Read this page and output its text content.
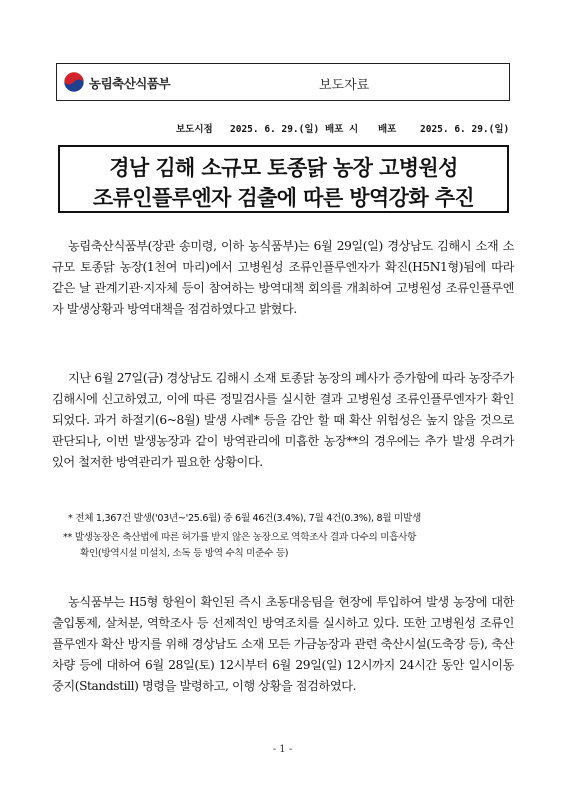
농림축산식품부	보도자료
보도시점 2025. 6. 29.(일) 배포 시 배포 2025. 6. 29.(일)
경남 김해 소규모 토종닭 농장 고병원성
조류인플루엔자 검출에 따른 방역강화 추진
농림축산식품부(장관 송미령, 이하 농식품부)는 6월 29일(일) 경상남도 김해시 소재 소규모 토종닭 농장(1천여 마리)에서 고병원성 조류인플루엔자가 확진(H5N1형)됨에 따라 같은 날 관계기관·지자체 등이 참여하는 방역대책 회의를 개최하여 고병원성 조류인플루엔자 발생상황과 방역대책을 점검하였다고 밝혔다.
지난 6월 27일(금) 경상남도 김해시 소재 토종닭 농장의 폐사가 증가함에 따라 농장주가 김해시에 신고하였고, 이에 따른 정밀검사를 실시한 결과 고병원성 조류인플루엔자가 확인되었다. 과거 하절기(6~8월) 발생 사례* 등을 감안 할 때 확산 위험성은 높지 않을 것으로 판단되나, 이번 발생농장과 같이 방역관리에 미흡한 농장**의 경우에는 추가 발생 우려가 있어 철저한 방역관리가 필요한 상황이다.
* 전체 1,367건 발생('03년~'25.6월) 중 6월 46건(3.4%), 7월 4건(0.3%), 8월 미발생
** 발생농장은 축산법에 따른 허가를 받지 않은 농장으로 역학조사 결과 다수의 미흡사항
확인(방역시설 미설치, 소독 등 방역 수칙 미준수 등)
농식품부는 H5형 항원이 확인된 즉시 초동대응팀을 현장에 투입하여 발생 농장에 대한 출입통제, 살처분, 역학조사 등 선제적인 방역조치를 실시하고 있다. 또한 고병원성 조류인플루엔자 확산 방지를 위해 경상남도 소재 모든 가금농장과 관련 축산시설(도축장 등), 축산차량 등에 대하여 6월 28일(토) 12시부터 6월 29일(일) 12시까지 24시간 동안 일시이동중지(Standstill) 명령을 발령하고, 이행 상황을 점검하였다.
- 1 -
